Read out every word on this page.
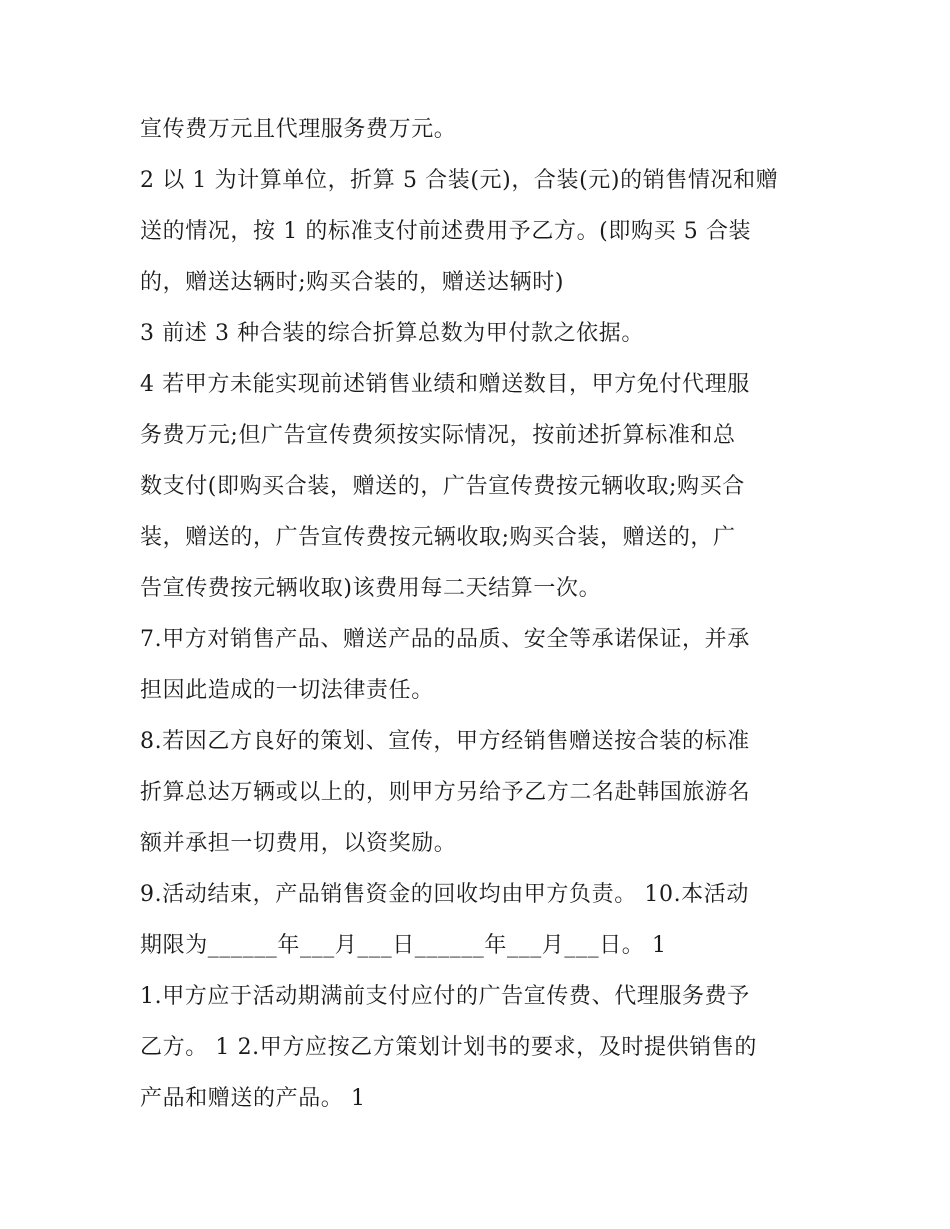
宣传费万元且代理服务费万元。
2 以 1 为计算单位，折算 5 合装(元)，合装(元)的销售情况和赠
送的情况，按 1 的标准支付前述费用予乙方。(即购买 5 合装
的，赠送达辆时;购买合装的，赠送达辆时)
3 前述 3 种合装的综合折算总数为甲付款之依据。
4 若甲方未能实现前述销售业绩和赠送数目，甲方免付代理服
务费万元;但广告宣传费须按实际情况，按前述折算标准和总
数支付(即购买合装，赠送的，广告宣传费按元辆收取;购买合
装，赠送的，广告宣传费按元辆收取;购买合装，赠送的，广
告宣传费按元辆收取)该费用每二天结算一次。
7.甲方对销售产品、赠送产品的品质、安全等承诺保证，并承
担因此造成的一切法律责任。
8.若因乙方良好的策划、宣传，甲方经销售赠送按合装的标准
折算总达万辆或以上的，则甲方另给予乙方二名赴韩国旅游名
额并承担一切费用，以资奖励。
9.活动结束，产品销售资金的回收均由甲方负责。 10.本活动
期限为______年___月___日______年___月___日。 1
1.甲方应于活动期满前支付应付的广告宣传费、代理服务费予
乙方。 1 2.甲方应按乙方策划计划书的要求，及时提供销售的
产品和赠送的产品。 1
